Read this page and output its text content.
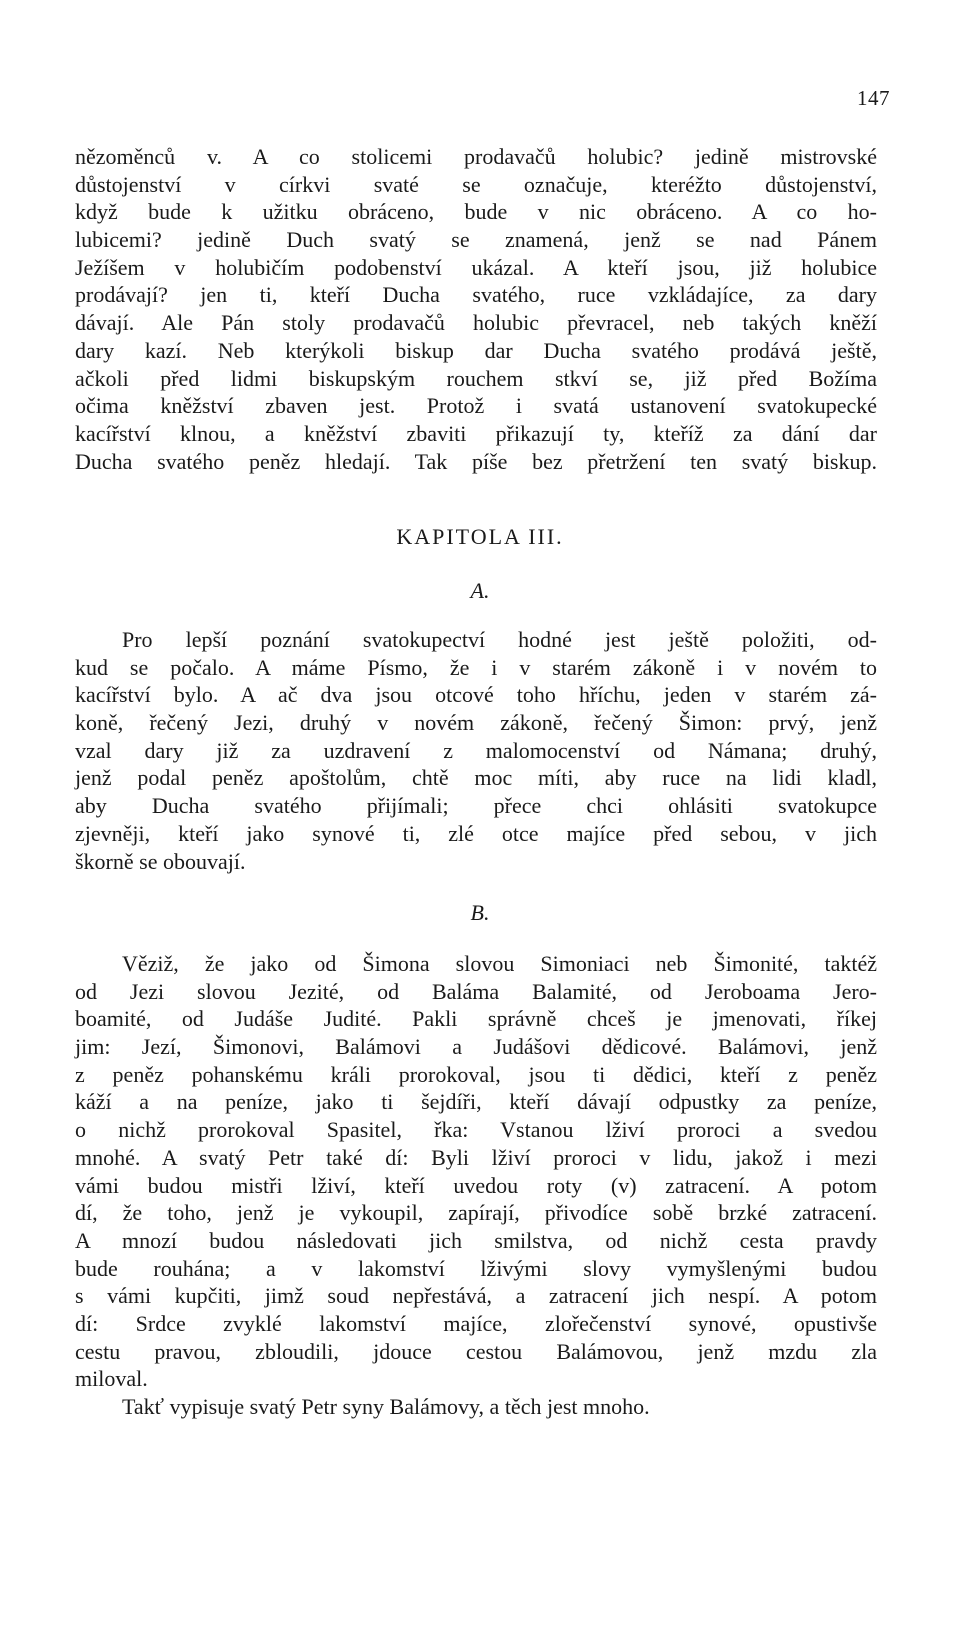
147
nězoměnců v. A co stolicemi prodavačů holubic? jedině mistrovské
důstojenství v církvi svaté se označuje, kteréžto důstojenství,
když bude k užitku obráceno, bude v nic obráceno. A co ho-
lubicemi? jedině Duch svatý se znamená, jenž se nad Pánem
Ježíšem v holubičím podobenství ukázal. A kteří jsou, již holubice
prodávají? jen ti, kteří Ducha svatého, ruce vzkládajíce, za dary
dávají. Ale Pán stoly prodavačů holubic převracel, neb takých kněží
dary kazí. Neb kterýkoli biskup dar Ducha svatého prodává ještě,
ačkoli před lidmi biskupským rouchem stkví se, již před Božíma
očima kněžství zbaven jest. Protož i svatá ustanovení svatokupecké
kacířství klnou, a kněžství zbaviti přikazují ty, kteříž za dání dar
Ducha svatého peněz hledají. Tak píše bez přetržení ten svatý biskup.
KAPITOLA III.
A.
Pro lepší poznání svatokupectví hodné jest ještě položiti, od-
kud se počalo. A máme Písmo, že i v starém zákoně i v novém to
kacířství bylo. A ač dva jsou otcové toho hříchu, jeden v starém zá-
koně, řečený Jezi, druhý v novém zákoně, řečený Šimon: prvý, jenž
vzal dary již za uzdravení z malomocenství od Námana; druhý,
jenž podal peněz apoštolům, chtě moc míti, aby ruce na lidi kladl,
aby Ducha svatého přijímali; přece chci ohlásiti svatokupce
zjevněji, kteří jako synové ti, zlé otce majíce před sebou, v jich
škorně se obouvají.
B.
Věziž, že jako od Šimona slovou Simoniaci neb Šimonité, taktéž
od Jezi slovou Jezité, od Baláma Balamité, od Jeroboama Jero-
boamité, od Judáše Judité. Pakli správně chceš je jmenovati, říkej
jim: Jezí, Šimonovi, Balámovi a Judášovi dědicové. Balámovi, jenž
z peněz pohanskému králi prorokoval, jsou ti dědici, kteří z peněz
káží a na peníze, jako ti šejdíři, kteří dávají odpustky za peníze,
o nichž prorokoval Spasitel, řka: Vstanou lživí proroci a svedou
mnohé. A svatý Petr také dí: Byli lživí proroci v lidu, jakož i mezi
vámi budou mistři lživí, kteří uvedou roty (v) zatracení. A potom
dí, že toho, jenž je vykoupil, zapírají, přivodíce sobě brzké zatracení.
A mnozí budou následovati jich smilstva, od nichž cesta pravdy
bude rouhána; a v lakomství lživými slovy vymyšlenými budou
s vámi kupčiti, jimž soud nepřestává, a zatracení jich nespí. A potom
dí: Srdce zvyklé lakomství majíce, zlořečenství synové, opustivše
cestu pravou, zbloudili, jdouce cestou Balámovou, jenž mzdu zla
miloval.
Takť vypisuje svatý Petr syny Balámovy, a těch jest mnoho.
